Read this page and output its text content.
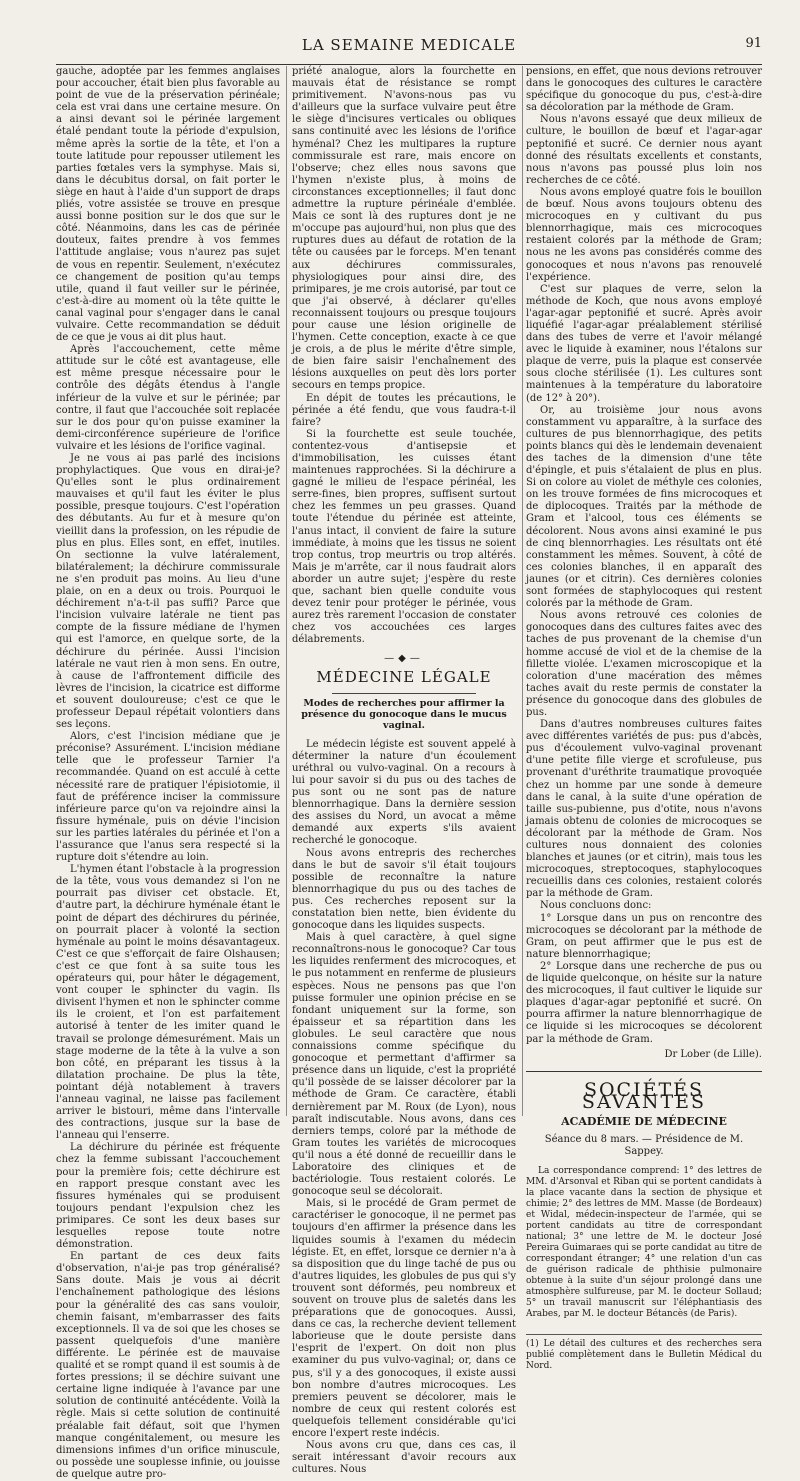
LA SEMAINE MEDICALE	91

gauche, adoptée par les femmes anglaises pour accoucher, était bien plus favorable au point de vue de la préservation périnéale; cela est vrai dans une certaine mesure. On a ainsi devant soi le périnée largement étalé pendant toute la période d'expulsion, même après la sortie de la tête, et l'on a toute latitude pour repousser utilement les parties fœtales vers la symphyse. Mais si, dans le décubitus dorsal, on fait porter le siège en haut à l'aide d'un support de draps pliés, votre assistée se trouve en presque aussi bonne position sur le dos que sur le côté. Néanmoins, dans les cas de périnée douteux, faites prendre à vos femmes l'attitude anglaise; vous n'aurez pas sujet de vous en repentir. Seulement, n'exécutez ce changement de position qu'au temps utile, quand il faut veiller sur le périnée, c'est-à-dire au moment où la tête quitte le canal vaginal pour s'engager dans le canal vulvaire. Cette recommandation se déduit de ce que je vous ai dit plus haut.

Après l'accouchement, cette même attitude sur le côté est avantageuse, elle est même presque nécessaire pour le contrôle des dégâts étendus à l'angle inférieur de la vulve et sur le périnée; par contre, il faut que l'accouchée soit replacée sur le dos pour qu'on puisse examiner la demi-circonférence supérieure de l'orifice vulvaire et les lésions de l'orifice vaginal.

Je ne vous ai pas parlé des incisions prophylactiques. Que vous en dirai-je? Qu'elles sont le plus ordinairement mauvaises et qu'il faut les éviter le plus possible, presque toujours. C'est l'opération des débutants. Au fur et à mesure qu'on vieillit dans la profession, on les répudie de plus en plus. Elles sont, en effet, inutiles. On sectionne la vulve latéralement, bilatéralement; la déchirure commissurale ne s'en produit pas moins. Au lieu d'une plaie, on en a deux ou trois. Pourquoi le déchirement n'a-t-il pas suffi? Parce que l'incision vulvaire latérale ne tient pas compte de la fissure médiane de l'hymen qui est l'amorce, en quelque sorte, de la déchirure du périnée. Aussi l'incision latérale ne vaut rien à mon sens. En outre, à cause de l'affrontement difficile des lèvres de l'incision, la cicatrice est difforme et souvent douloureuse; c'est ce que le professeur Depaul répétait volontiers dans ses leçons.

Alors, c'est l'incision médiane que je préconise? Assurément. L'incision médiane telle que le professeur Tarnier l'a recommandée. Quand on est acculé à cette nécessité rare de pratiquer l'épisiotomie, il faut de préférence inciser la commissure inférieure parce qu'on va rejoindre ainsi la fissure hyménale, puis on dévie l'incision sur les parties latérales du périnée et l'on a l'assurance que l'anus sera respecté si la rupture doit s'étendre au loin.

L'hymen étant l'obstacle à la progression de la tête, vous vous demandez si l'on ne pourrait pas diviser cet obstacle. Et, d'autre part, la déchirure hyménale étant le point de départ des déchirures du périnée, on pourrait placer à volonté la section hyménale au point le moins désavantageux. C'est ce que s'efforçait de faire Olshausen; c'est ce que font à sa suite tous les opérateurs qui, pour hâter le dégagement, vont couper le sphincter du vagin. Ils divisent l'hymen et non le sphincter comme ils le croient, et l'on est parfaitement autorisé à tenter de les imiter quand le travail se prolonge démesurément. Mais un stage moderne de la tête à la vulve a son bon côté, en préparant les tissus à la dilatation prochaine. De plus la tête, pointant déjà notablement à travers l'anneau vaginal, ne laisse pas facilement arriver le bistouri, même dans l'intervalle des contractions, jusque sur la base de l'anneau qui l'enserre.

La déchirure du périnée est fréquente chez la femme subissant l'accouchement pour la première fois; cette déchirure est en rapport presque constant avec les fissures hyménales qui se produisent toujours pendant l'expulsion chez les primipares. Ce sont les deux bases sur lesquelles repose toute notre démonstration.

En partant de ces deux faits d'observation, n'ai-je pas trop généralisé? Sans doute. Mais je vous ai décrit l'enchaînement pathologique des lésions pour la généralité des cas sans vouloir, chemin faisant, m'embarrasser des faits exceptionnels. Il va de soi que les choses se passent quelquefois d'une manière différente. Le périnée est de mauvaise qualité et se rompt quand il est soumis à de fortes pressions; il se déchire suivant une certaine ligne indiquée à l'avance par une solution de continuité antécédente. Voilà la règle. Mais si cette solution de continuité préalable fait défaut, soit que l'hymen manque congénitalement, ou mesure les dimensions infimes d'un orifice minuscule, ou possède une souplesse infinie, ou jouisse de quelque autre pro-

priété analogue, alors la fourchette en mauvais état de résistance se rompt primitivement. N'avons-nous pas vu d'ailleurs que la surface vulvaire peut être le siège d'incisures verticales ou obliques sans continuité avec les lésions de l'orifice hyménal? Chez les multipares la rupture commissurale est rare, mais encore on l'observe; chez elles nous savons que l'hymen n'existe plus, à moins de circonstances exceptionnelles; il faut donc admettre la rupture périnéale d'emblée. Mais ce sont là des ruptures dont je ne m'occupe pas aujourd'hui, non plus que des ruptures dues au défaut de rotation de la tête ou causées par le forceps. M'en tenant aux déchirures commissurales, physiologiques pour ainsi dire, des primipares, je me crois autorisé, par tout ce que j'ai observé, à déclarer qu'elles reconnaissent toujours ou presque toujours pour cause une lésion originelle de l'hymen. Cette conception, exacte à ce que je crois, a de plus le mérite d'être simple, de bien faire saisir l'enchaînement des lésions auxquelles on peut dès lors porter secours en temps propice.

En dépit de toutes les précautions, le périnée a été fendu, que vous faudra-t-il faire?

Si la fourchette est seule touchée, contentez-vous d'antisepsie et d'immobilisation, les cuisses étant maintenues rapprochées. Si la déchirure a gagné le milieu de l'espace périnéal, les serre-fines, bien propres, suffisent surtout chez les femmes un peu grasses. Quand toute l'étendue du périnée est atteinte, l'anus intact, il convient de faire la suture immédiate, à moins que les tissus ne soient trop contus, trop meurtris ou trop altérés. Mais je m'arrête, car il nous faudrait alors aborder un autre sujet; j'espère du reste que, sachant bien quelle conduite vous devez tenir pour protéger le périnée, vous aurez très rarement l'occasion de constater chez vos accouchées ces larges délabrements.

—◆—
MÉDECINE LÉGALE
Modes de recherches pour affirmer la présence du gonocoque dans le mucus vaginal.

Le médecin légiste est souvent appelé à déterminer la nature d'un écoulement uréthral ou vulvo-vaginal. On a recours à lui pour savoir si du pus ou des taches de pus sont ou ne sont pas de nature blennorrhagique. Dans la dernière session des assises du Nord, un avocat a même demandé aux experts s'ils avaient recherché le gonocoque.

Nous avons entrepris des recherches dans le but de savoir s'il était toujours possible de reconnaître la nature blennorrhagique du pus ou des taches de pus. Ces recherches reposent sur la constatation bien nette, bien évidente du gonocoque dans les liquides suspects.

Mais à quel caractère, à quel signe reconnaîtrons-nous le gonocoque? Car tous les liquides renferment des microcoques, et le pus notamment en renferme de plusieurs espèces. Nous ne pensons pas que l'on puisse formuler une opinion précise en se fondant uniquement sur la forme, son épaisseur et sa répartition dans les globules. Le seul caractère que nous connaissions comme spécifique du gonocoque et permettant d'affirmer sa présence dans un liquide, c'est la propriété qu'il possède de se laisser décolorer par la méthode de Gram. Ce caractère, établi dernièrement par M. Roux (de Lyon), nous paraît indiscutable. Nous avons, dans ces derniers temps, coloré par la méthode de Gram toutes les variétés de microcoques qu'il nous a été donné de recueillir dans le Laboratoire des cliniques et de bactériologie. Tous restaient colorés. Le gonocoque seul se décolorait.

Mais, si le procédé de Gram permet de caractériser le gonocoque, il ne permet pas toujours d'en affirmer la présence dans les liquides soumis à l'examen du médecin légiste. Et, en effet, lorsque ce dernier n'a à sa disposition que du linge taché de pus ou d'autres liquides, les globules de pus qui s'y trouvent sont déformés, peu nombreux et souvent on trouve plus de saletés dans les préparations que de gonocoques. Aussi, dans ce cas, la recherche devient tellement laborieuse que le doute persiste dans l'esprit de l'expert. On doit non plus examiner du pus vulvo-vaginal; or, dans ce pus, s'il y a des gonocoques, il existe aussi bon nombre d'autres microcoques. Les premiers peuvent se décolorer, mais le nombre de ceux qui restent colorés est quelquefois tellement considérable qu'ici encore l'expert reste indécis.

Nous avons cru que, dans ces cas, il serait intéressant d'avoir recours aux cultures. Nous

pensions, en effet, que nous devions retrouver dans le gonocoques des cultures le caractère spécifique du gonocoque du pus, c'est-à-dire sa décoloration par la méthode de Gram.

Nous n'avons essayé que deux milieux de culture, le bouillon de bœuf et l'agar-agar peptonifié et sucré. Ce dernier nous ayant donné des résultats excellents et constants, nous n'avons pas poussé plus loin nos recherches de ce côté.

Nous avons employé quatre fois le bouillon de bœuf. Nous avons toujours obtenu des microcoques en y cultivant du pus blennorrhagique, mais ces microcoques restaient colorés par la méthode de Gram; nous ne les avons pas considérés comme des gonocoques et nous n'avons pas renouvelé l'expérience.

C'est sur plaques de verre, selon la méthode de Koch, que nous avons employé l'agar-agar peptonifié et sucré. Après avoir liquéfié l'agar-agar préalablement stérilisé dans des tubes de verre et l'avoir mélangé avec le liquide à examiner, nous l'étalons sur plaque de verre, puis la plaque est conservée sous cloche stérilisée (1). Les cultures sont maintenues à la température du laboratoire (de 12° à 20°).

Or, au troisième jour nous avons constamment vu apparaître, à la surface des cultures de pus blennorrhagique, des petits points blancs qui dès le lendemain devenaient des taches de la dimension d'une tête d'épingle, et puis s'étalaient de plus en plus. Si on colore au violet de méthyle ces colonies, on les trouve formées de fins microcoques et de diplocoques. Traités par la méthode de Gram et l'alcool, tous ces éléments se décolorent. Nous avons ainsi examiné le pus de cinq blennorrhagies. Les résultats ont été constamment les mêmes. Souvent, à côté de ces colonies blanches, il en apparaît des jaunes (or et citrin). Ces dernières colonies sont formées de staphylocoques qui restent colorés par la méthode de Gram.

Nous avons retrouvé ces colonies de gonocoques dans des cultures faites avec des taches de pus provenant de la chemise d'un homme accusé de viol et de la chemise de la fillette violée. L'examen microscopique et la coloration d'une macération des mêmes taches avait du reste permis de constater la présence du gonocoque dans des globules de pus.

Dans d'autres nombreuses cultures faites avec différentes variétés de pus: pus d'abcès, pus d'écoulement vulvo-vaginal provenant d'une petite fille vierge et scrofuleuse, pus provenant d'uréthrite traumatique provoquée chez un homme par une sonde à demeure dans le canal, à la suite d'une opération de taille sus-pubienne, pus d'otite, nous n'avons jamais obtenu de colonies de microcoques se décolorant par la méthode de Gram. Nos cultures nous donnaient des colonies blanches et jaunes (or et citrin), mais tous les microcoques, streptocoques, staphylocoques recueillis dans ces colonies, restaient colorés par la méthode de Gram.

Nous concluons donc:

1° Lorsque dans un pus on rencontre des microcoques se décolorant par la méthode de Gram, on peut affirmer que le pus est de nature blennorrhagique;

2° Lorsque dans une recherche de pus ou de liquide quelconque, on hésite sur la nature des microcoques, il faut cultiver le liquide sur plaques d'agar-agar peptonifié et sucré. On pourra affirmer la nature blennorrhagique de ce liquide si les microcoques se décolorent par la méthode de Gram.

Dr Lober (de Lille).
SOCIÉTÉS SAVANTES
ACADÉMIE DE MÉDECINE
Séance du 8 mars. — Présidence de M. Sappey.

La correspondance comprend: 1° des lettres de MM. d'Arsonval et Riban qui se portent candidats à la place vacante dans la section de physique et chimie; 2° des lettres de MM. Masse (de Bordeaux) et Widal, médecin-inspecteur de l'armée, qui se portent candidats au titre de correspondant national; 3° une lettre de M. le docteur José Pereira Guimaraes qui se porte candidat au titre de correspondant étranger; 4° une relation d'un cas de guérison radicale de phthisie pulmonaire obtenue à la suite d'un séjour prolongé dans une atmosphère sulfureuse, par M. le docteur Sollaud; 5° un travail manuscrit sur l'éléphantiasis des Arabes, par M. le docteur Bétancès (de Paris).

(1) Le détail des cultures et des recherches sera publié complètement dans le Bulletin Médical du Nord.
